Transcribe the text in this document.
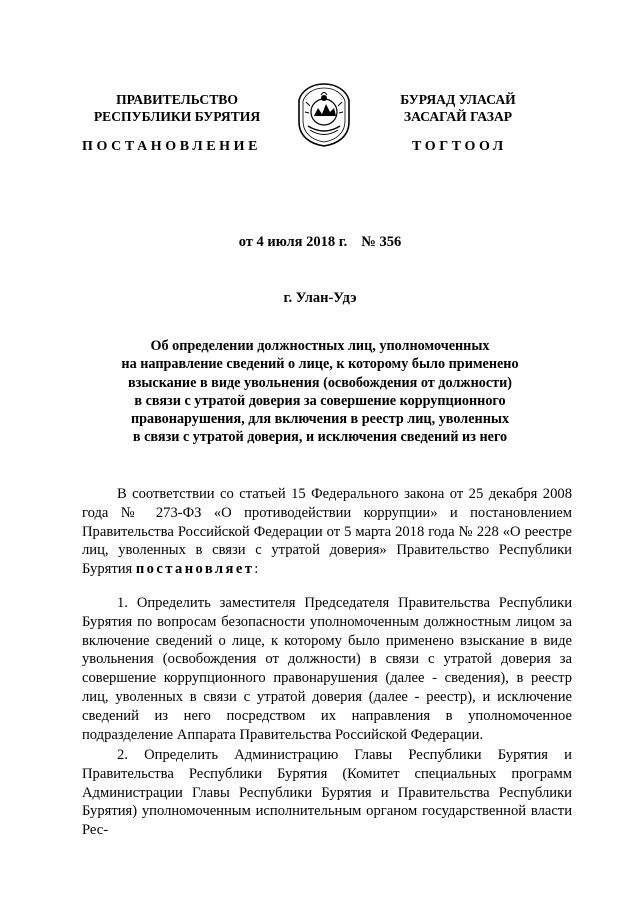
ПРАВИТЕЛЬСТВО
РЕСПУБЛИКИ БУРЯТИЯ
БУРЯАД УЛАСАЙ
ЗАСАГАЙ ГАЗАР
ПОСТАНОВЛЕНИЕ	ТОГТООЛ
от 4 июля 2018 г. № 356
г. Улан-Удэ
Об определении должностных лиц, уполномоченных
на направление сведений о лице, к которому было применено
взыскание в виде увольнения (освобождения от должности)
в связи с утратой доверия за совершение коррупционного
правонарушения, для включения в реестр лиц, уволенных
в связи с утратой доверия, и исключения сведений из него

В соответствии со статьей 15 Федерального закона от 25 декабря 2008 года № 273-ФЗ «О противодействии коррупции» и постановлением Правительства Российской Федерации от 5 марта 2018 года № 228 «О реестре лиц, уволенных в связи с утратой доверия» Правительство Республики Бурятия постановляет:

1. Определить заместителя Председателя Правительства Республики Бурятия по вопросам безопасности уполномоченным должностным лицом за включение сведений о лице, к которому было применено взыскание в виде увольнения (освобождения от должности) в связи с утратой доверия за совершение коррупционного правонарушения (далее - сведения), в реестр лиц, уволенных в связи с утратой доверия (далее - реестр), и исключение сведений из него посредством их направления в уполномоченное подразделение Аппарата Правительства Российской Федерации.

2. Определить Администрацию Главы Республики Бурятия и Правительства Республики Бурятия (Комитет специальных программ Администрации Главы Республики Бурятия и Правительства Республики Бурятия) уполномоченным исполнительным органом государственной власти Рес-
